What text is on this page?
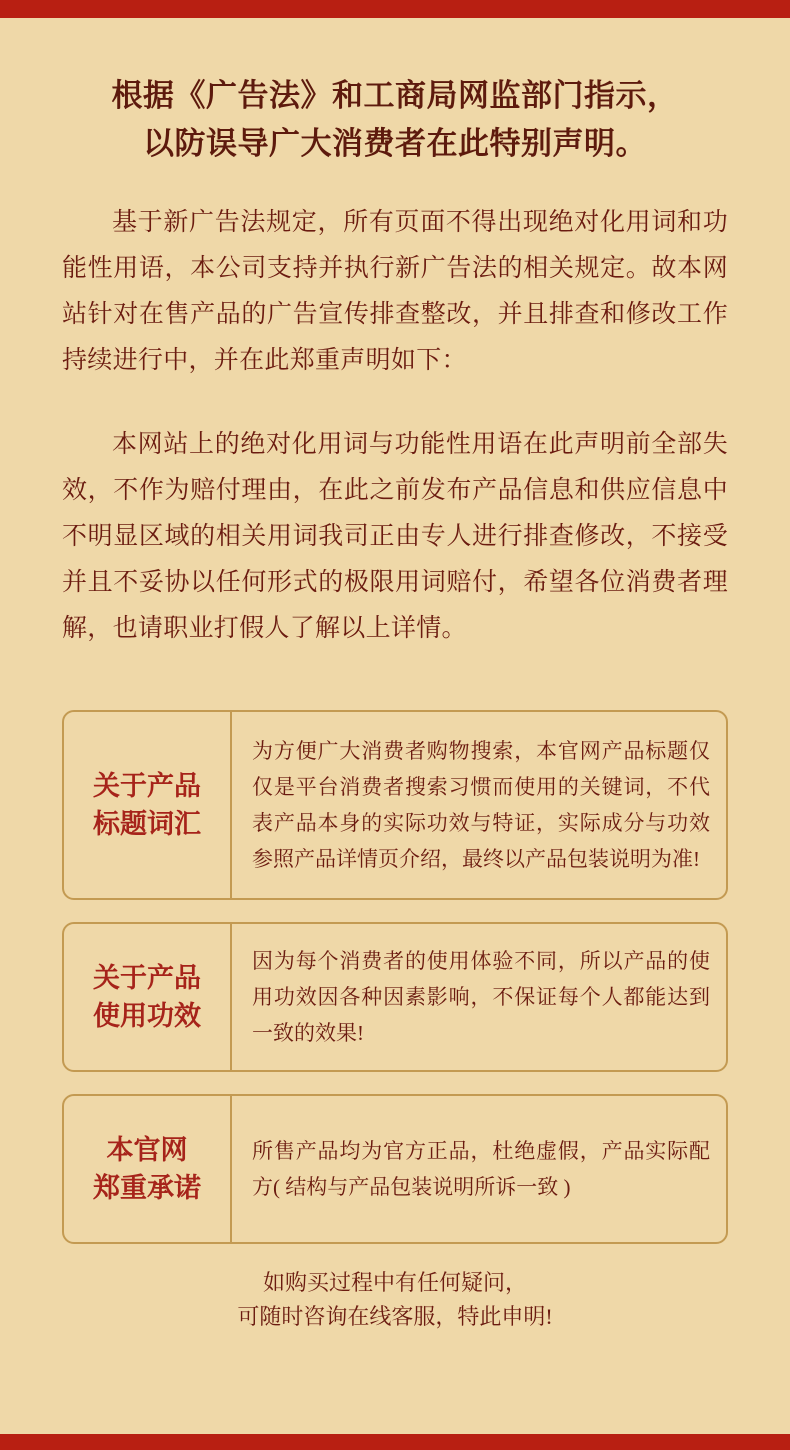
根据《广告法》和工商局网监部门指示，
以防误导广大消费者在此特别声明。
基于新广告法规定，所有页面不得出现绝对化用词和功能性用语，本公司支持并执行新广告法的相关规定。故本网站针对在售产品的广告宣传排查整改，并且排查和修改工作持续进行中，并在此郑重声明如下：
本网站上的绝对化用词与功能性用语在此声明前全部失效，不作为赔付理由，在此之前发布产品信息和供应信息中不明显区域的相关用词我司正由专人进行排查修改，不接受并且不妥协以任何形式的极限用词赔付，希望各位消费者理解，也请职业打假人了解以上详情。
关于产品
标题词汇
为方便广大消费者购物搜索，本官网产品标题仅仅是平台消费者搜索习惯而使用的关键词，不代表产品本身的实际功效与特证，实际成分与功效参照产品详情页介绍，最终以产品包装说明为准!
关于产品
使用功效
因为每个消费者的使用体验不同，所以产品的使用功效因各种因素影响，不保证每个人都能达到一致的效果!
本官网
郑重承诺
所售产品均为官方正品，杜绝虚假，产品实际配方( 结构与产品包装说明所诉一致 )
如购买过程中有任何疑问，
可随时咨询在线客服，特此申明!
